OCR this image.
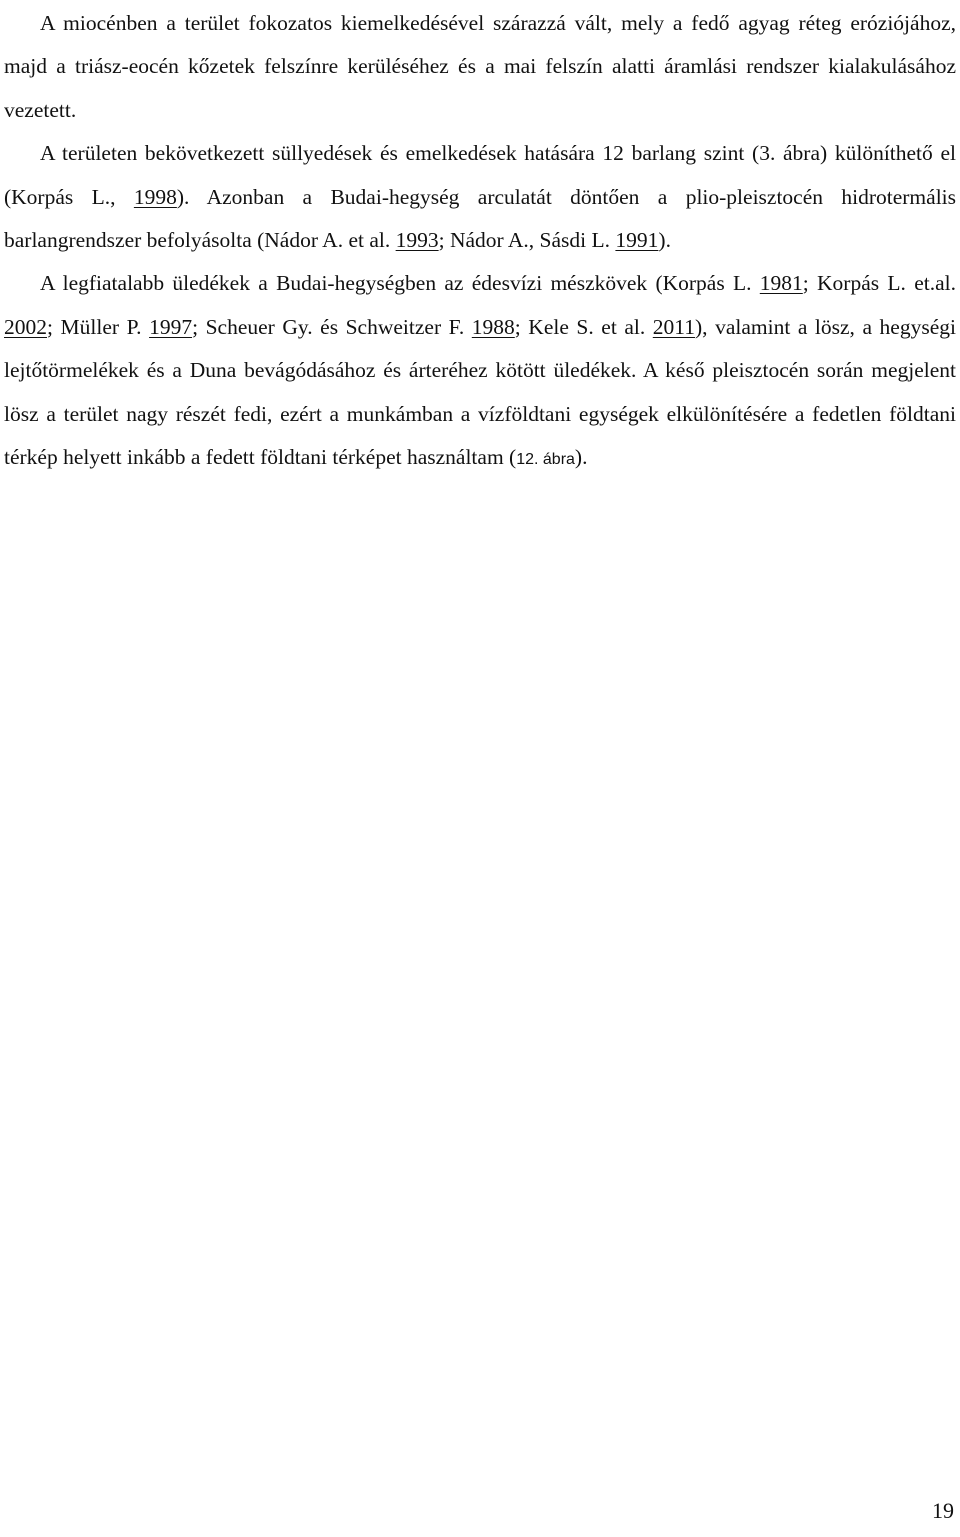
A miocénben a terület fokozatos kiemelkedésével szárazzá vált, mely a fedő agyag réteg eróziójához, majd a triász-eocén kőzetek felszínre kerüléséhez és a mai felszín alatti áramlási rendszer kialakulásához vezetett.

A területen bekövetkezett süllyedések és emelkedések hatására 12 barlang szint (3. ábra) különíthető el (Korpás L., 1998). Azonban a Budai-hegység arculatát döntően a plio-pleisztocén hidrotermális barlangrendszer befolyásolta (Nádor A. et al. 1993; Nádor A., Sásdi L. 1991).

A legfiatalabb üledékek a Budai-hegységben az édesvízi mészkövek (Korpás L. 1981; Korpás L. et.al. 2002; Müller P. 1997; Scheuer Gy. és Schweitzer F. 1988; Kele S. et al. 2011), valamint a lösz, a hegységi lejtőtörmelékek és a Duna bevágódásához és árteréhez kötött üledékek. A késő pleisztocén során megjelent lösz a terület nagy részét fedi, ezért a munkámban a vízföldtani egységek elkülönítésére a fedetlen földtani térkép helyett inkább a fedett földtani térképet használtam (12. ábra).

19
